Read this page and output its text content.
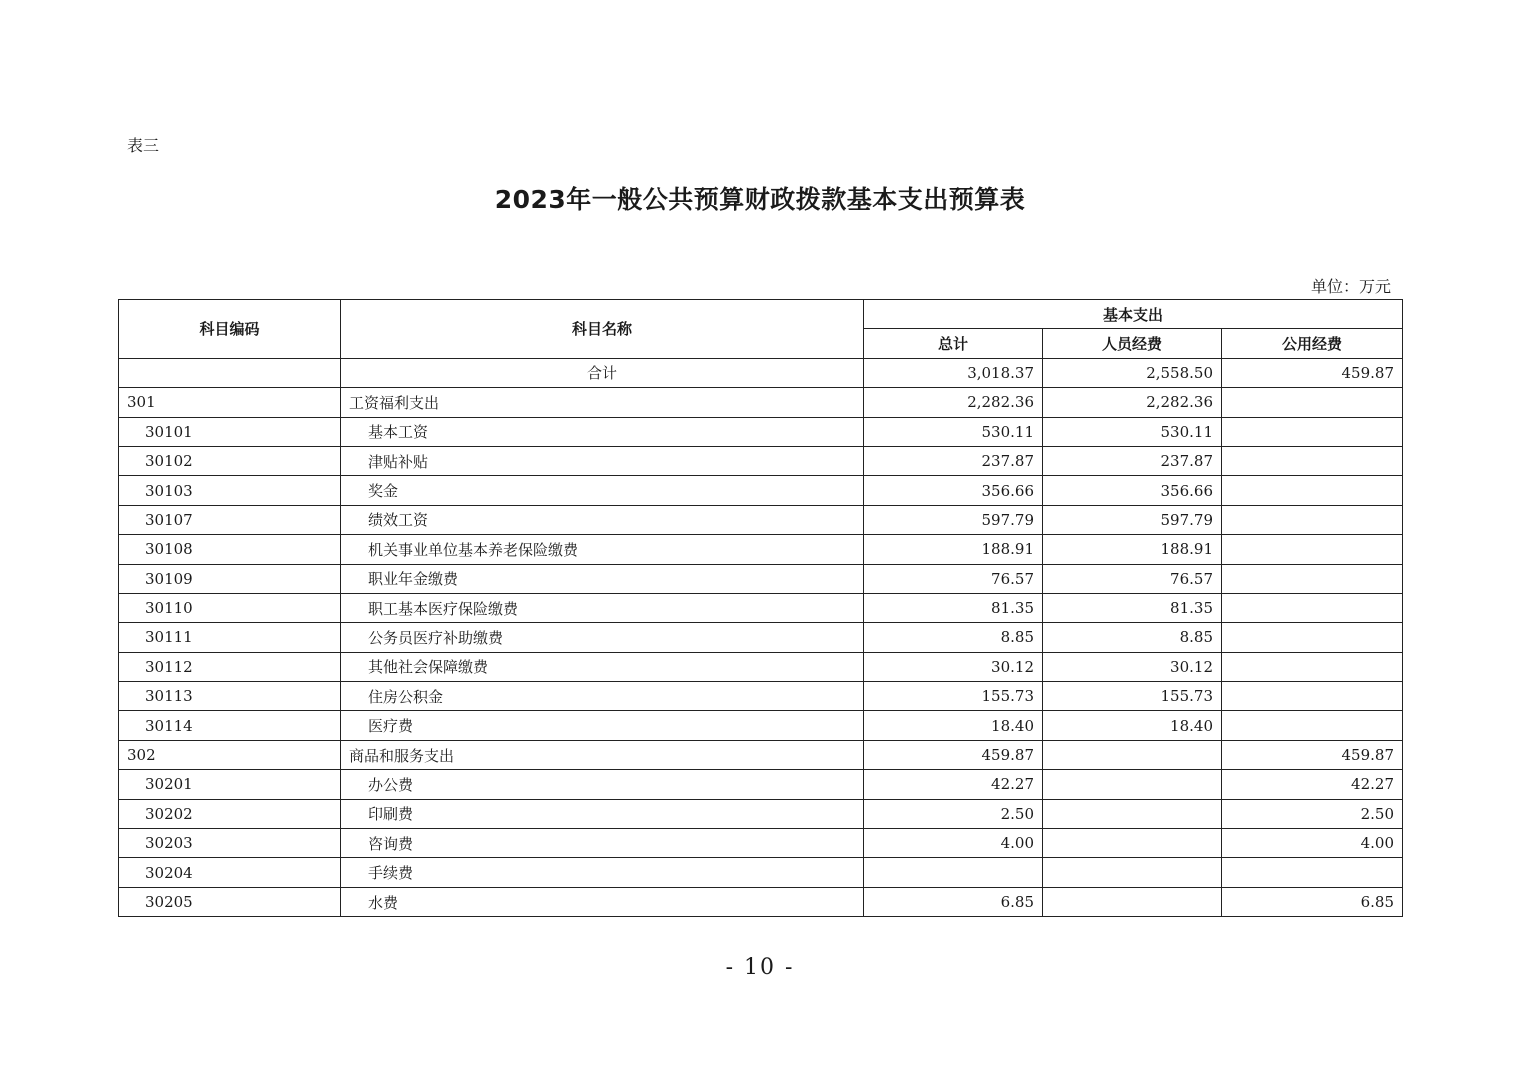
表三
2023年一般公共预算财政拨款基本支出预算表
单位：万元
科目编码	科目名称	基本支出		
		总计	人员经费	公用经费
	合计	3,018.37	2,558.50	459.87
301	工资福利支出	2,282.36	2,282.36	
30101	基本工资	530.11	530.11	
30102	津贴补贴	237.87	237.87	
30103	奖金	356.66	356.66	
30107	绩效工资	597.79	597.79	
30108	机关事业单位基本养老保险缴费	188.91	188.91	
30109	职业年金缴费	76.57	76.57	
30110	职工基本医疗保险缴费	81.35	81.35	
30111	公务员医疗补助缴费	8.85	8.85	
30112	其他社会保障缴费	30.12	30.12	
30113	住房公积金	155.73	155.73	
30114	医疗费	18.40	18.40	
302	商品和服务支出	459.87		459.87
30201	办公费	42.27		42.27
30202	印刷费	2.50		2.50
30203	咨询费	4.00		4.00
30204	手续费			
30205	水费	6.85		6.85
- 10 -
